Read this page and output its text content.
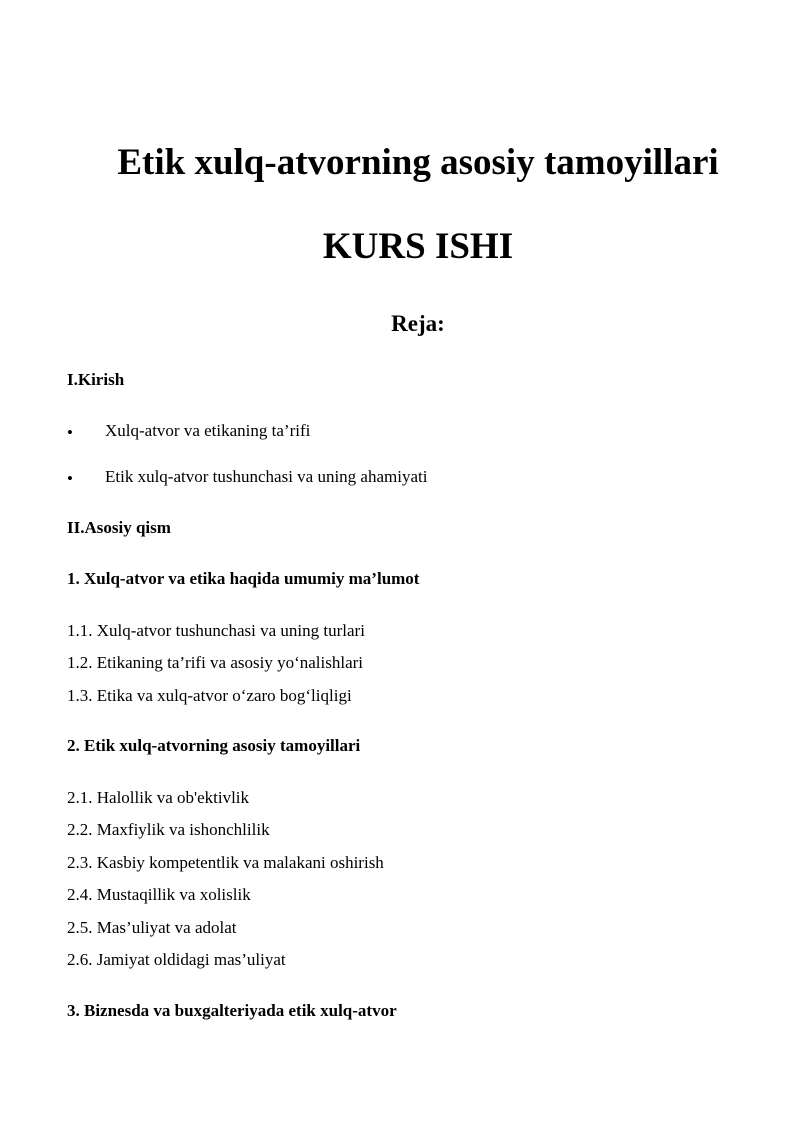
Etik xulq-atvorning asosiy tamoyillari
KURS ISHI
Reja:
I.Kirish
• Xulq-atvor va etikaning ta’rifi
• Etik xulq-atvor tushunchasi va uning ahamiyati
II.Asosiy qism
1. Xulq-atvor va etika haqida umumiy ma’lumot
1.1. Xulq-atvor tushunchasi va uning turlari
1.2. Etikaning ta’rifi va asosiy yo‘nalishlari
1.3. Etika va xulq-atvor o‘zaro bog‘liqligi
2. Etik xulq-atvorning asosiy tamoyillari
2.1. Halollik va ob'ektivlik
2.2. Maxfiylik va ishonchlilik
2.3. Kasbiy kompetentlik va malakani oshirish
2.4. Mustaqillik va xolislik
2.5. Mas’uliyat va adolat
2.6. Jamiyat oldidagi mas’uliyat
3. Biznesda va buxgalteriyada etik xulq-atvor
